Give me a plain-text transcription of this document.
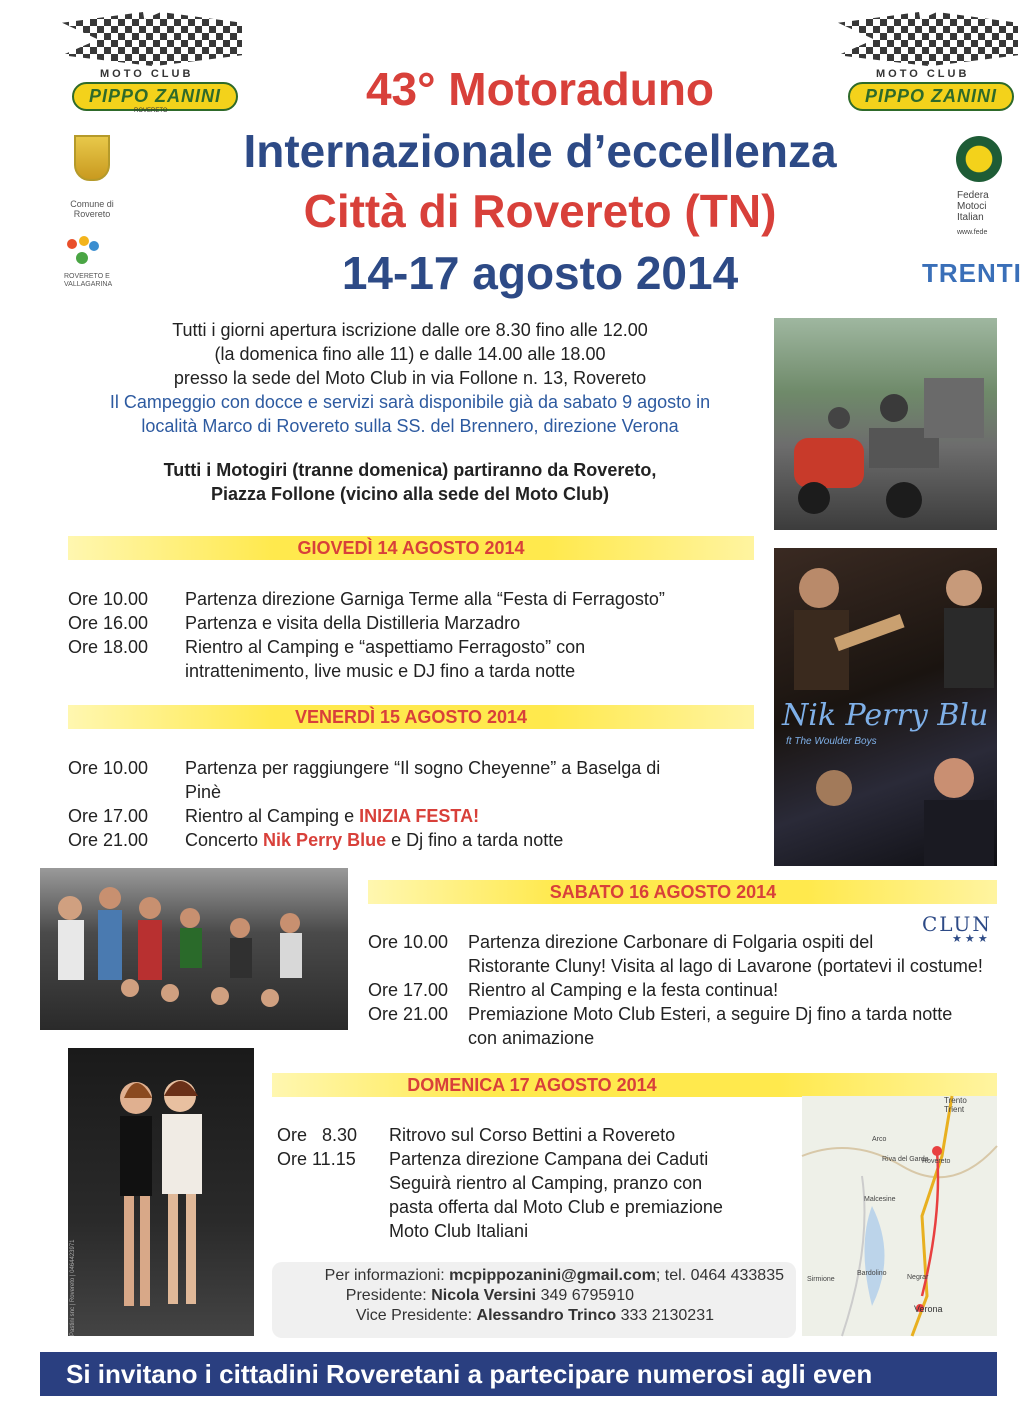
MOTO CLUB
PIPPO ZANINI
ROVERETO
MOTO CLUB
PIPPO ZANINI
Comune di Rovereto
ROVERETO E VALLAGARINA
Federa Motoci Italian
www.fede
TRENTI
43° Motoraduno
Internazionale d’eccellenza
Città di Rovereto (TN)
14-17 agosto 2014
Tutti i giorni apertura iscrizione dalle ore 8.30 fino alle 12.00
(la domenica fino alle 11) e dalle 14.00 alle 18.00
presso la sede del Moto Club in via Follone n. 13, Rovereto
Il Campeggio con docce e servizi sarà disponibile già da sabato 9 agosto in
località Marco di Rovereto sulla SS. del Brennero, direzione Verona
Tutti i Motogiri (tranne domenica) partiranno da Rovereto,
Piazza Follone (vicino alla sede del Moto Club)
Nik Perry Blu
ft The Woulder Boys
GIOVEDÌ 14 AGOSTO 2014
Ore 10.00	Partenza direzione Garniga Terme alla “Festa di Ferragosto”
Ore 16.00	Partenza e visita della Distilleria Marzadro
Ore 18.00	Rientro al Camping e “aspettiamo Ferragosto” con
intrattenimento, live music e DJ fino a tarda notte
VENERDÌ 15 AGOSTO 2014
Ore 10.00	Partenza per raggiungere “Il sogno Cheyenne” a Baselga di
Pinè
Ore 17.00	Rientro al Camping e INIZIA FESTA!
Ore 21.00	Concerto Nik Perry Blue e Dj fino a tarda notte
SABATO 16 AGOSTO 2014
CLUN
★ ★ ★
Ore 10.00	Partenza direzione Carbonare di Folgaria ospiti del
Ristorante Cluny! Visita al lago di Lavarone (portatevi il costume!
Ore 17.00	Rientro al Camping e la festa continua!
Ore 21.00	Premiazione Moto Club Esteri, a seguire Dj fino a tarda notte
con animazione
Pastini snc | Rovereto | 0464423971
DOMENICA 17 AGOSTO 2014
Ore   8.30	Ritrovo sul Corso Bettini a Rovereto
Ore 11.15	Partenza direzione Campana dei Caduti
Seguirà rientro al Camping, pranzo con
pasta offerta dal Moto Club e premiazione
Moto Club Italiani
Trento
Trient
Riva del Garda
Rovereto
Arco
Sirmione
Bardolino
Verona
Malcesine
Negrar
Per informazioni: mcpippozanini@gmail.com; tel. 0464 433835
Presidente: Nicola Versini 349 6795910
Vice Presidente: Alessandro Trinco 333 2130231
Si invitano i cittadini Roveretani a partecipare numerosi agli even
